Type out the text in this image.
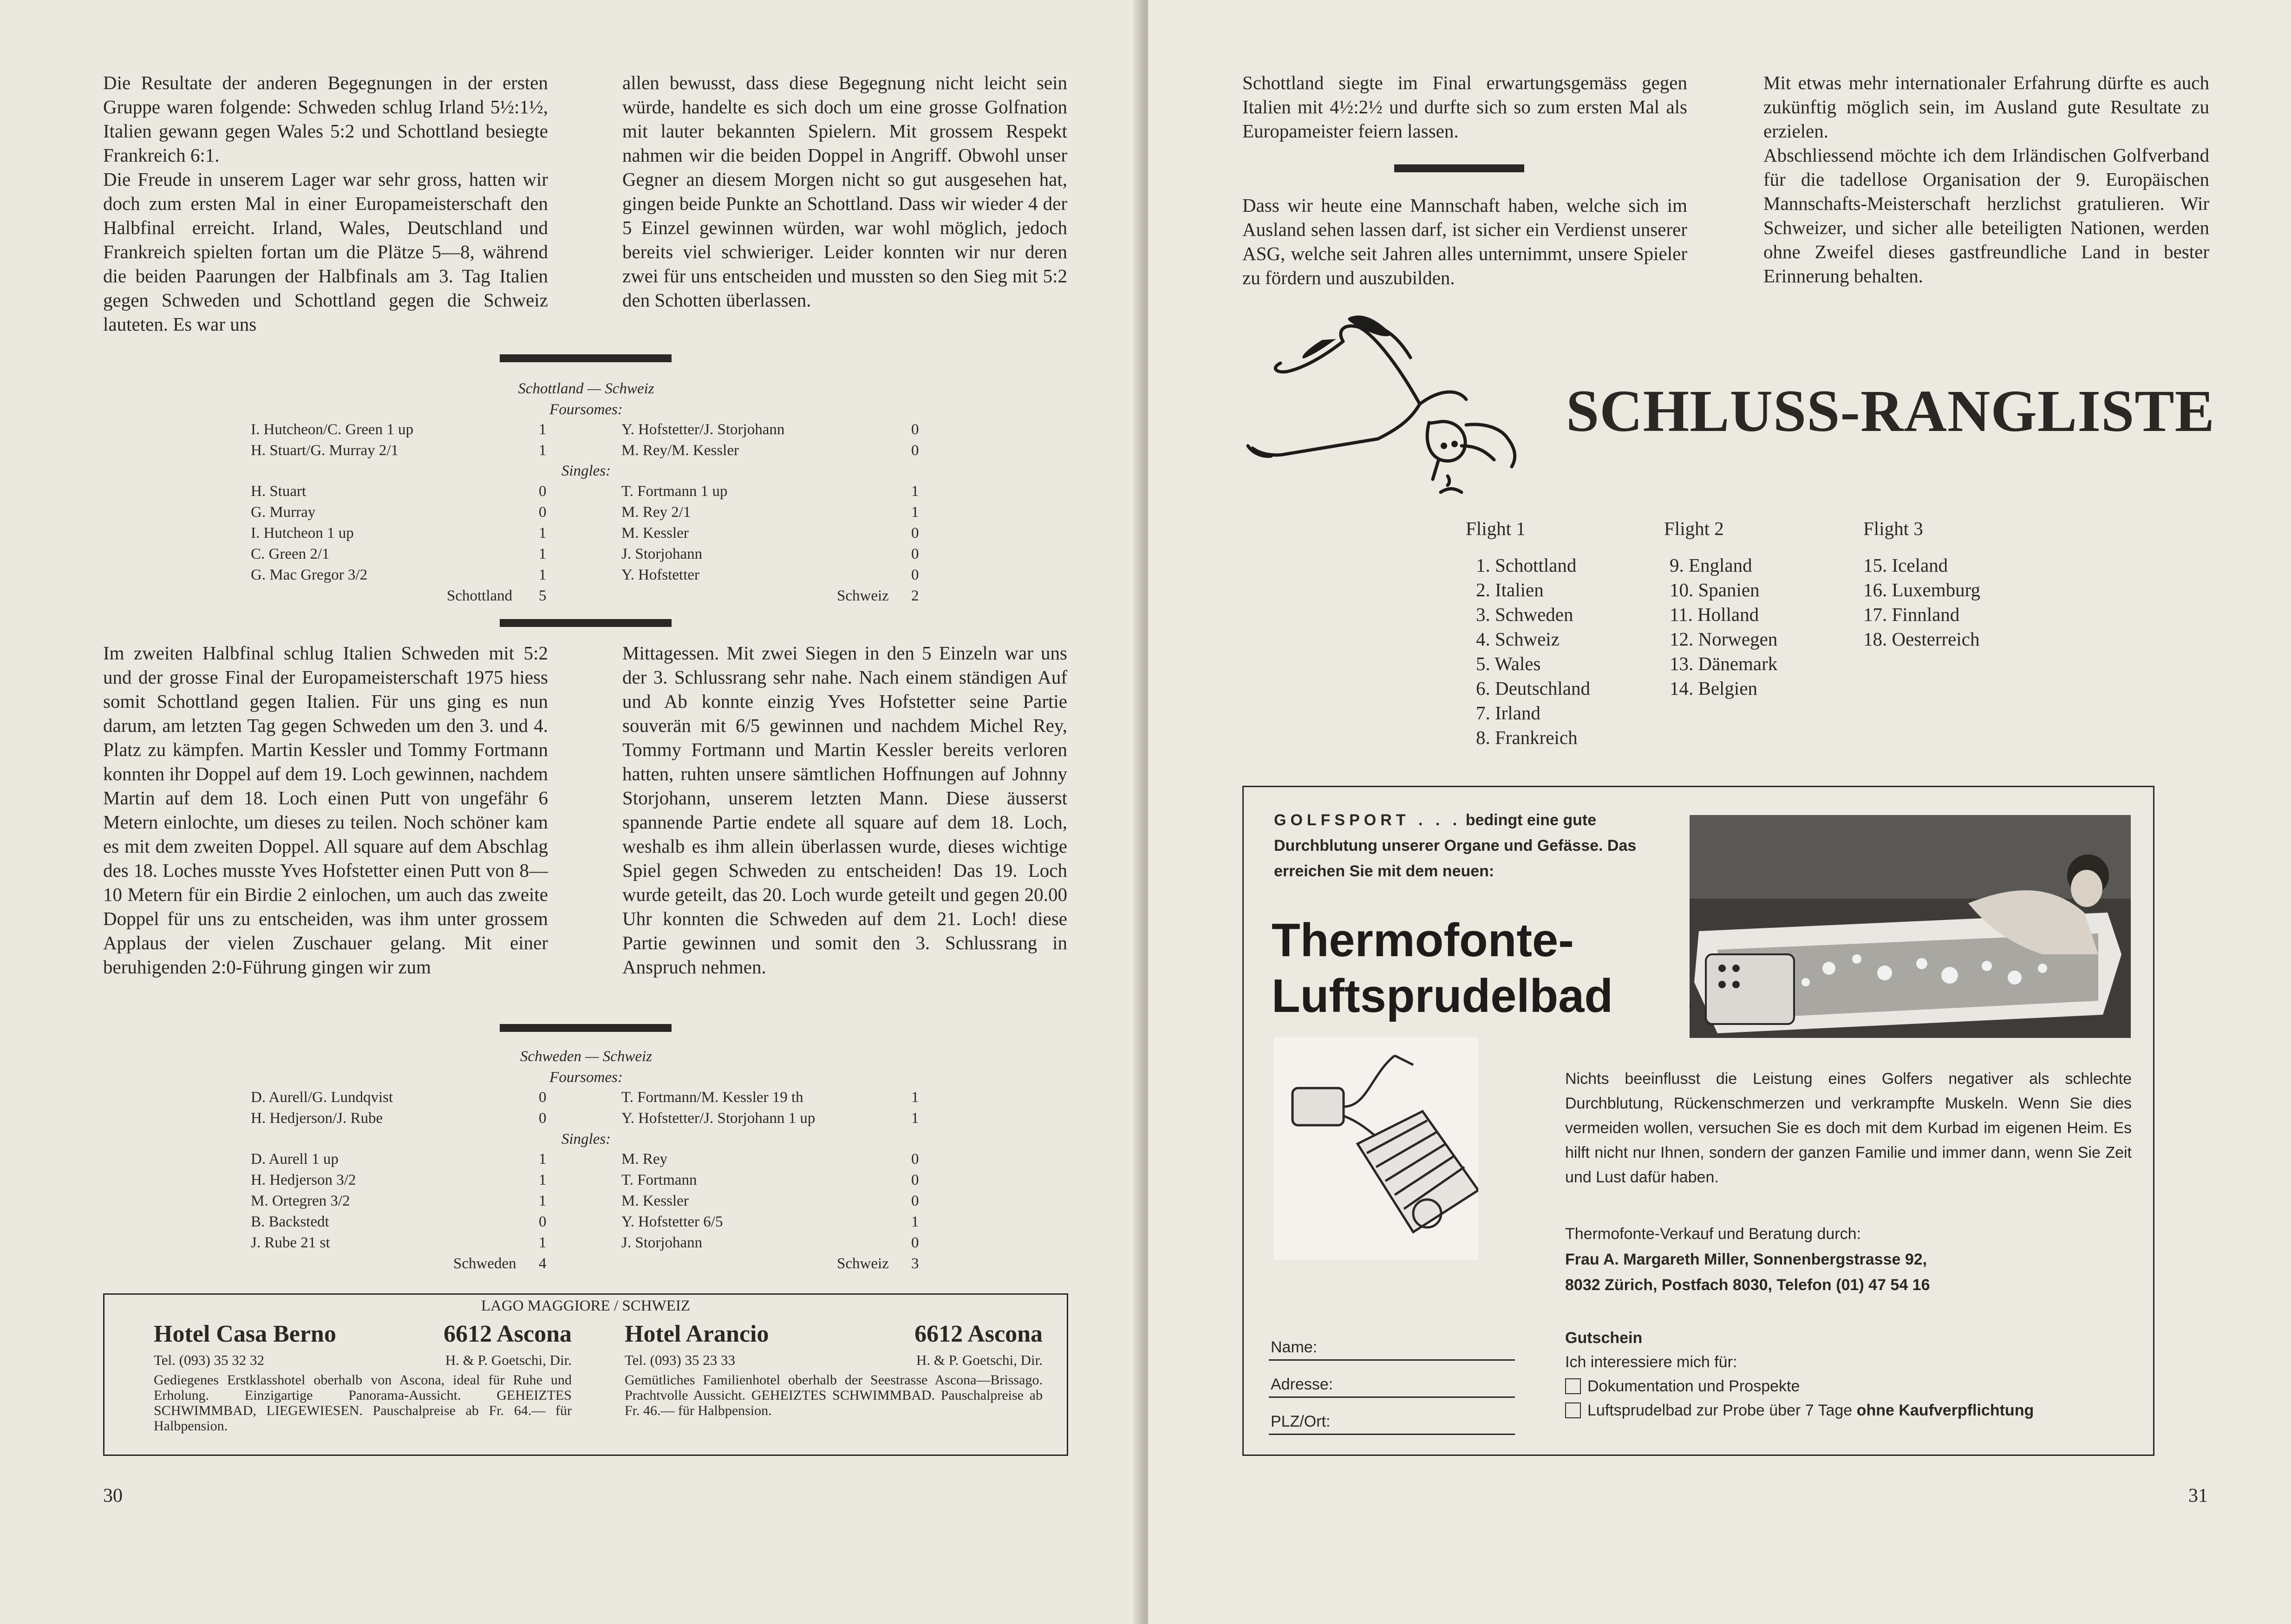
Die Resultate der anderen Begegnungen in der ersten Gruppe waren folgende: Schweden schlug Irland 5½:1½, Italien gewann gegen Wales 5:2 und Schottland besiegte Frankreich 6:1.

Die Freude in unserem Lager war sehr gross, hatten wir doch zum ersten Mal in einer Europameisterschaft den Halbfinal erreicht. Irland, Wales, Deutschland und Frankreich spielten fortan um die Plätze 5—8, während die beiden Paarungen der Halbfinals am 3. Tag Italien gegen Schweden und Schottland gegen die Schweiz lauteten. Es war uns

allen bewusst, dass diese Begegnung nicht leicht sein würde, handelte es sich doch um eine grosse Golfnation mit lauter bekannten Spielern. Mit grossem Respekt nahmen wir die beiden Doppel in Angriff. Obwohl unser Gegner an diesem Morgen nicht so gut ausgesehen hat, gingen beide Punkte an Schottland. Dass wir wieder 4 der 5 Einzel gewinnen würden, war wohl möglich, jedoch bereits viel schwieriger. Leider konnten wir nur deren zwei für uns entscheiden und mussten so den Sieg mit 5:2 den Schotten überlassen.

Schottland — Schweiz
Foursomes:
I. Hutcheon/C. Green 1 up	1	Y. Hofstetter/J. Storjohann	0
H. Stuart/G. Murray 2/1	1	M. Rey/M. Kessler	0
Singles:
H. Stuart	0	T. Fortmann 1 up	1
G. Murray	0	M. Rey 2/1	1
I. Hutcheon 1 up	1	M. Kessler	0
C. Green 2/1	1	J. Storjohann	0
G. Mac Gregor 3/2	1	Y. Hofstetter	0
Schottland 5	Schweiz 2

Im zweiten Halbfinal schlug Italien Schweden mit 5:2 und der grosse Final der Europameisterschaft 1975 hiess somit Schottland gegen Italien. Für uns ging es nun darum, am letzten Tag gegen Schweden um den 3. und 4. Platz zu kämpfen. Martin Kessler und Tommy Fortmann konnten ihr Doppel auf dem 19. Loch gewinnen, nachdem Martin auf dem 18. Loch einen Putt von ungefähr 6 Metern einlochte, um dieses zu teilen. Noch schöner kam es mit dem zweiten Doppel. All square auf dem Abschlag des 18. Loches musste Yves Hofstetter einen Putt von 8—10 Metern für ein Birdie 2 einlochen, um auch das zweite Doppel für uns zu entscheiden, was ihm unter grossem Applaus der vielen Zuschauer gelang. Mit einer beruhigenden 2:0-Führung gingen wir zum

Mittagessen. Mit zwei Siegen in den 5 Einzeln war uns der 3. Schlussrang sehr nahe. Nach einem ständigen Auf und Ab konnte einzig Yves Hofstetter seine Partie souverän mit 6/5 gewinnen und nachdem Michel Rey, Tommy Fortmann und Martin Kessler bereits verloren hatten, ruhten unsere sämtlichen Hoffnungen auf Johnny Storjohann, unserem letzten Mann. Diese äusserst spannende Partie endete all square auf dem 18. Loch, weshalb es ihm allein überlassen wurde, dieses wichtige Spiel gegen Schweden zu entscheiden! Das 19. Loch wurde geteilt, das 20. Loch wurde geteilt und gegen 20.00 Uhr konnten die Schweden auf dem 21. Loch! diese Partie gewinnen und somit den 3. Schlussrang in Anspruch nehmen.

Schweden — Schweiz
Foursomes:
D. Aurell/G. Lundqvist	0	T. Fortmann/M. Kessler 19 th	1
H. Hedjerson/J. Rube	0	Y. Hofstetter/J. Storjohann 1 up	1
Singles:
D. Aurell 1 up	1	M. Rey	0
H. Hedjerson 3/2	1	T. Fortmann	0
M. Ortegren 3/2	1	M. Kessler	0
B. Backstedt	0	Y. Hofstetter 6/5	1
J. Rube 21 st	1	J. Storjohann	0
Schweden 4	Schweiz 3
LAGO MAGGIORE / SCHWEIZ
Hotel Casa Berno	6612 Ascona
Tel. (093) 35 32 32	H. & P. Goetschi, Dir.
Gediegenes Erstklasshotel oberhalb von Ascona, ideal für Ruhe und Erholung. Einzigartige Panorama-Aussicht. GEHEIZTES SCHWIMMBAD, LIEGEWIESEN. Pauschalpreise ab Fr. 64.— für Halbpension.
Hotel Arancio	6612 Ascona
Tel. (093) 35 23 33	H. & P. Goetschi, Dir.
Gemütliches Familienhotel oberhalb der Seestrasse Ascona—Brissago. Prachtvolle Aussicht. GEHEIZTES SCHWIMMBAD. Pauschalpreise ab Fr. 46.— für Halbpension.
30

Schottland siegte im Final erwartungsgemäss gegen Italien mit 4½:2½ und durfte sich so zum ersten Mal als Europameister feiern lassen.

Dass wir heute eine Mannschaft haben, welche sich im Ausland sehen lassen darf, ist sicher ein Verdienst unserer ASG, welche seit Jahren alles unternimmt, unsere Spieler zu fördern und auszubilden.

Mit etwas mehr internationaler Erfahrung dürfte es auch zukünftig möglich sein, im Ausland gute Resultate zu erzielen.

Abschliessend möchte ich dem Irländischen Golfverband für die tadellose Organisation der 9. Europäischen Mannschafts-Meisterschaft herzlichst gratulieren. Wir Schweizer, und sicher alle beteiligten Nationen, werden ohne Zweifel dieses gastfreundliche Land in bester Erinnerung behalten.

SCHLUSS-RANGLISTE
Flight 1
1. Schottland
2. Italien
3. Schweden
4. Schweiz
5. Wales
6. Deutschland
7. Irland
8. Frankreich
Flight 2
9. England
10. Spanien
11. Holland
12. Norwegen
13. Dänemark
14. Belgien
Flight 3
15. Iceland
16. Luxemburg
17. Finnland
18. Oesterreich
GOLFSPORT . . . bedingt eine gute Durchblutung unserer Organe und Gefässe. Das erreichen Sie mit dem neuen:
Thermofonte-
Luftsprudelbad
Nichts beeinflusst die Leistung eines Golfers negativer als schlechte Durchblutung, Rückenschmerzen und verkrampfte Muskeln. Wenn Sie dies vermeiden wollen, versuchen Sie es doch mit dem Kurbad im eigenen Heim. Es hilft nicht nur Ihnen, sondern der ganzen Familie und immer dann, wenn Sie Zeit und Lust dafür haben.
Thermofonte-Verkauf und Beratung durch:
Frau A. Margareth Miller, Sonnenbergstrasse 92,
8032 Zürich, Postfach 8030, Telefon (01) 47 54 16
Name:
Adresse:
PLZ/Ort:
Gutschein
Ich interessiere mich für:
Dokumentation und Prospekte
Luftsprudelbad zur Probe über 7 Tage
ohne Kaufverpflichtung
31
